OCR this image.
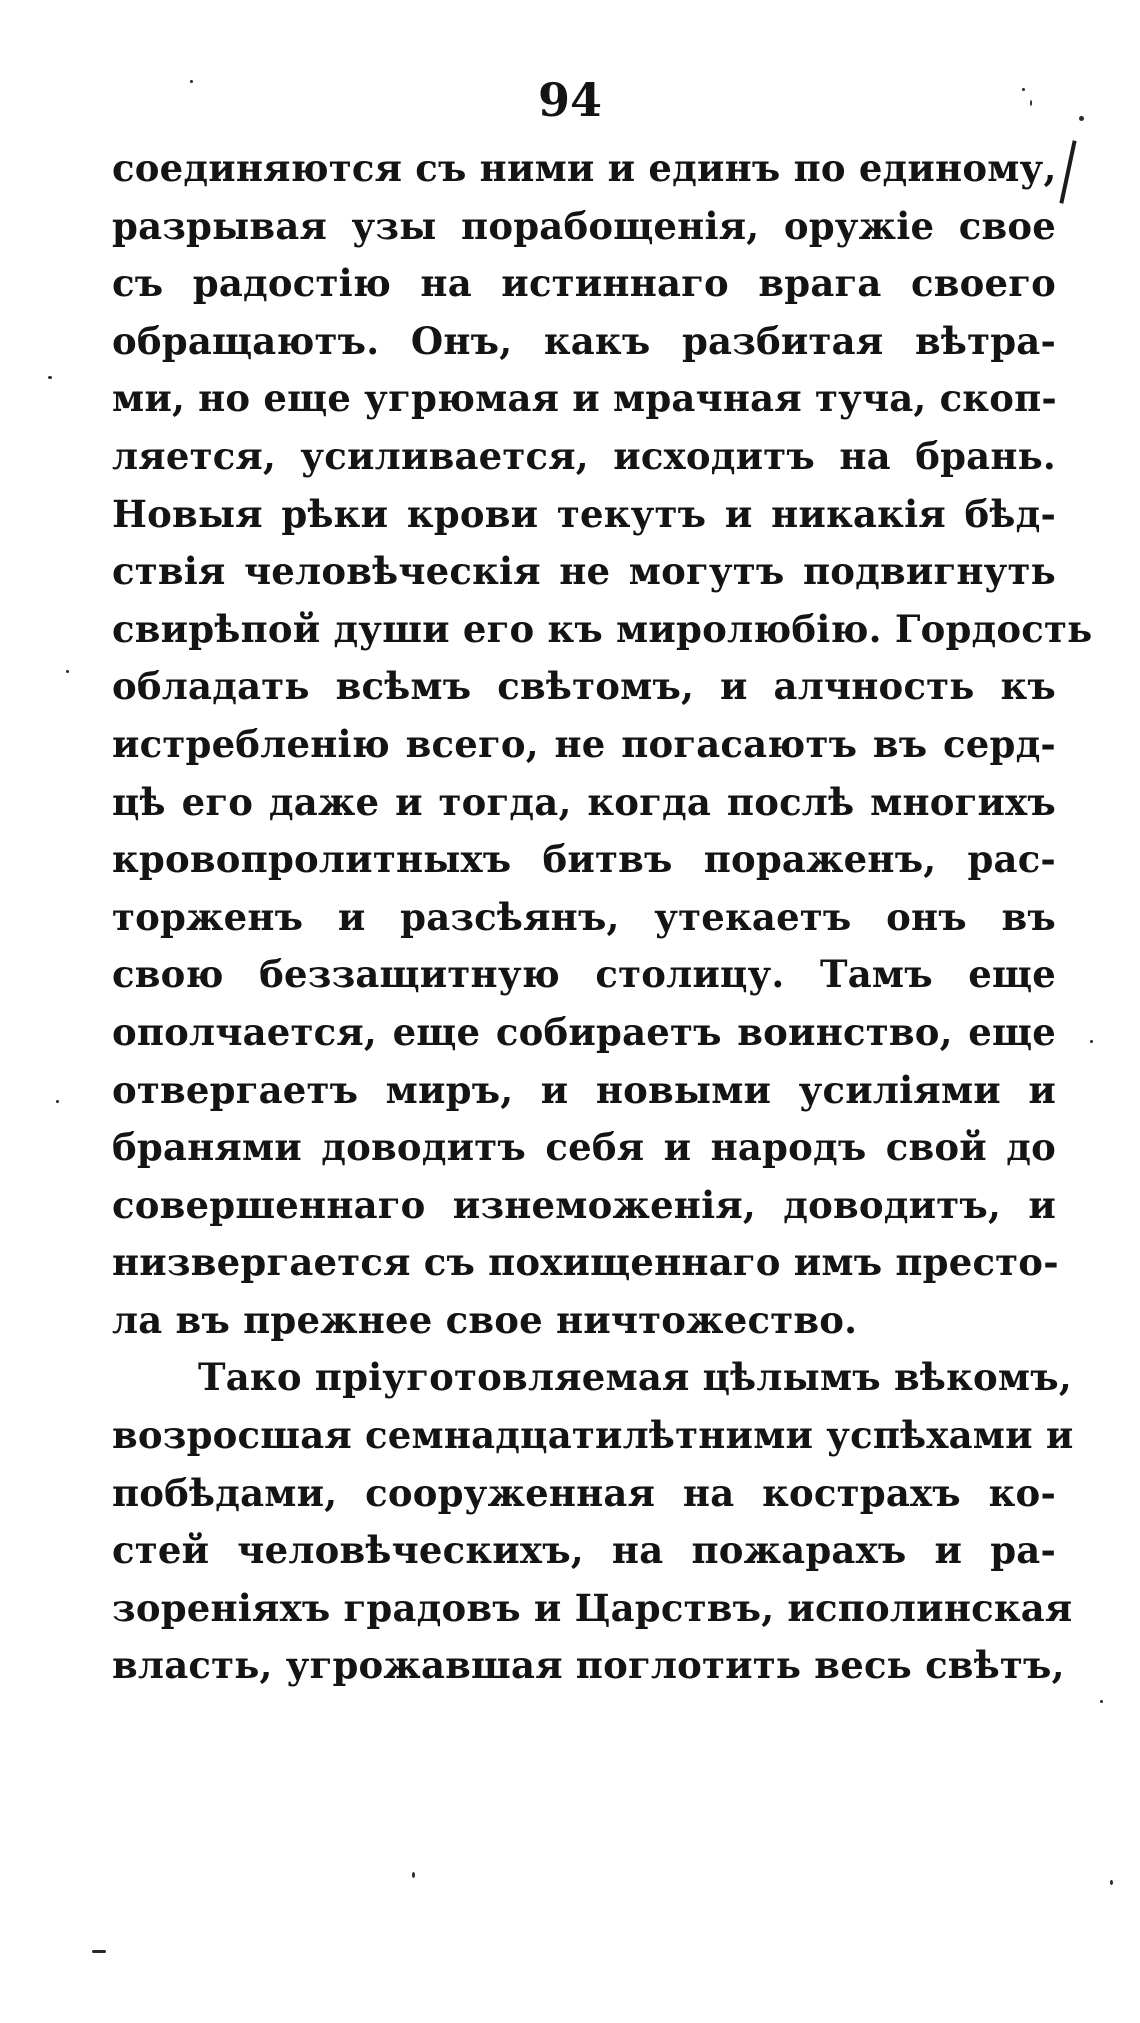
94
соединяются съ ними и единъ по единому,
разрывая узы порабощенія, оружіе свое
съ радостію на истиннаго врага своего
обращаютъ. Онъ, какъ разбитая вѣтра-
ми, но еще угрюмая и мрачная туча, скоп-
ляется, усиливается, исходитъ на брань.
Новыя рѣки крови текутъ и никакія бѣд-
ствія человѣческія не могутъ подвигнуть
свирѣпой души его къ миролюбію. Гордость
обладать всѣмъ свѣтомъ, и алчность къ
истребленію всего, не погасаютъ въ серд-
цѣ его даже и тогда, когда послѣ многихъ
кровопролитныхъ битвъ пораженъ, рас-
торженъ и разсѣянъ, утекаетъ онъ въ
свою беззащитную столицу. Тамъ еще
ополчается, еще собираетъ воинство, еще
отвергаетъ миръ, и новыми усиліями и
бранями доводитъ себя и народъ свой до
совершеннаго изнеможенія, доводитъ, и
низвергается съ похищеннаго имъ престо-
ла въ прежнее свое ничтожество.
Тако пріуготовляемая цѣлымъ вѣкомъ,
возросшая семнадцатилѣтними успѣхами и
побѣдами, сооруженная на кострахъ ко-
стей человѣческихъ, на пожарахъ и ра-
зореніяхъ градовъ и Царствъ, исполинская
власть, угрожавшая поглотить весь свѣтъ,
